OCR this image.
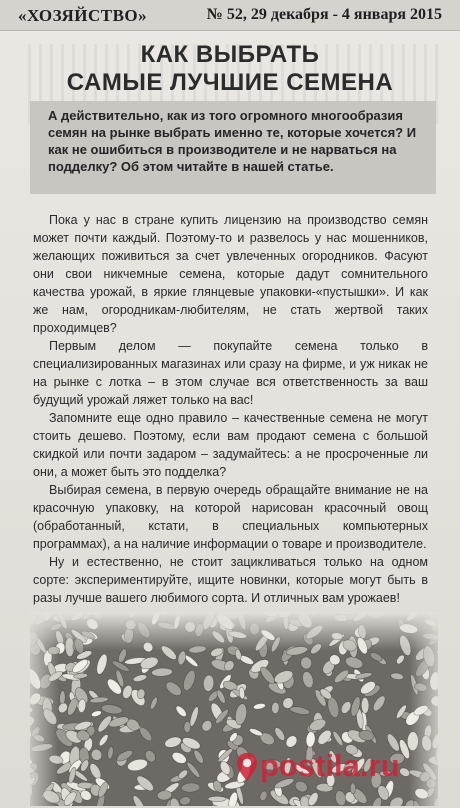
«ХОЗЯЙСТВО»	№ 52, 29 декабря - 4 января 2015
КАК ВЫБРАТЬ
САМЫЕ ЛУЧШИЕ СЕМЕНА
А действительно, как из того огромного многообразия семян на рынке выбрать именно те, которые хочется? И как не ошибиться в производителе и не нарваться на подделку? Об этом читайте в нашей статье.

Пока у нас в стране купить лицензию на производство семян может почти каждый. Поэтому-то и развелось у нас мошенников, желающих поживиться за счет увлеченных огородников. Фасуют они свои никчемные семена, которые дадут сомнительного качества урожай, в яркие глянцевые упаковки-«пустышки». И как же нам, огородникам-любителям, не стать жертвой таких проходимцев?

Первым делом — покупайте семена только в специализированных магазинах или сразу на фирме, и уж никак не на рынке с лотка – в этом случае вся ответственность за ваш будущий урожай ляжет только на вас!

Запомните еще одно правило – качественные семена не могут стоить дешево. Поэтому, если вам продают семена с большой скидкой или почти задаром – задумайтесь: а не просроченные ли они, а может быть это подделка?

Выбирая семена, в первую очередь обращайте внимание не на красочную упаковку, на которой нарисован красочный овощ (обработанный, кстати, в специальных компьютерных программах), а на наличие информации о товаре и производителе.

Ну и естественно, не стоит зацикливаться только на одном сорте: экспериментируйте, ищите новинки, которые могут быть в разы лучше вашего любимого сорта. И отличных вам урожаев!

postila.ru
